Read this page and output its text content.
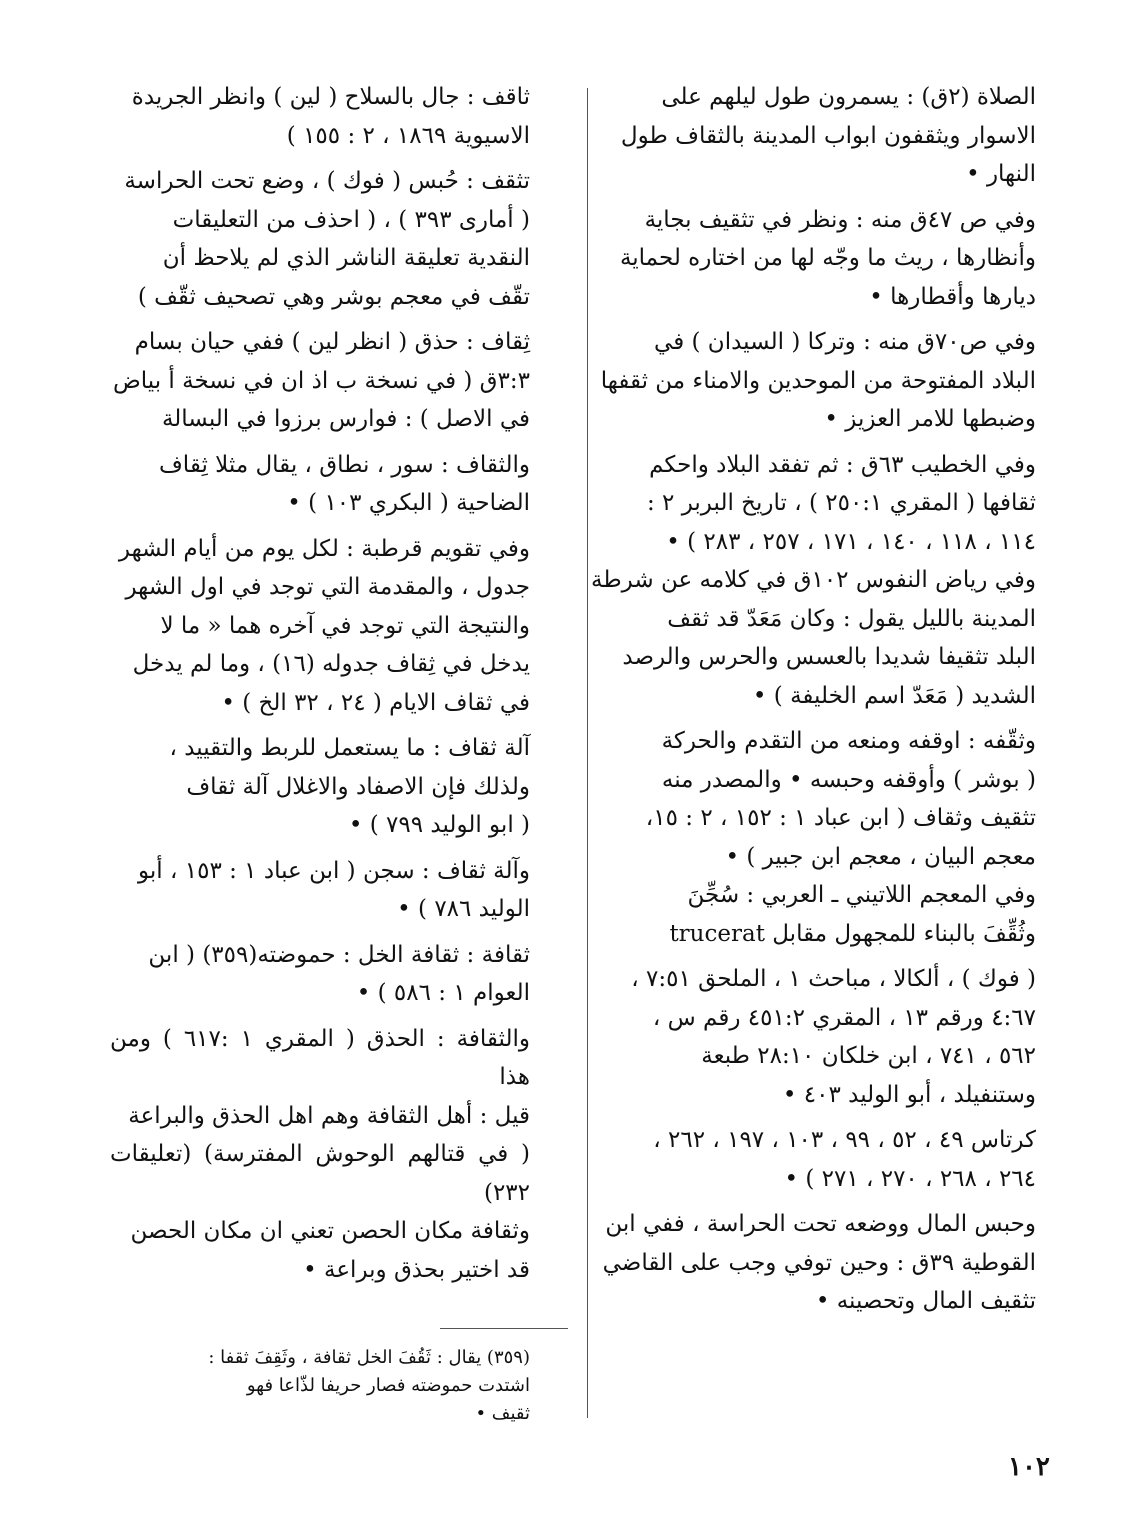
الصلاة (٢ق) : يسمرون طول ليلهم على
الاسوار ويثقفون ابواب المدينة بالثقاف طول
النهار •

وفي ص ٤٧ق منه : ونظر في تثقيف بجاية
وأنظارها ، ريث ما وجّه لها من اختاره لحماية
ديارها وأقطارها •

وفي ص٧٠ق منه : وتركا ( السيدان ) في
البلاد المفتوحة من الموحدين والامناء من ثقفها
وضبطها للامر العزيز •

وفي الخطيب ٦٣ق : ثم تفقد البلاد واحكم
ثقافها ( المقري ٢٥٠:١ ) ، تاريخ البربر ٢ :
١١٤ ، ١١٨ ، ١٤٠ ، ١٧١ ، ٢٥٧ ، ٢٨٣ ) •
وفي رياض النفوس ١٠٢ق في كلامه عن شرطة
المدينة بالليل يقول : وكان مَعَدّ قد ثقف
البلد تثقيفا شديدا بالعسس والحرس والرصد
الشديد ( مَعَدّ اسم الخليفة ) •

وثقّفه : اوقفه ومنعه من التقدم والحركة
( بوشر ) وأوقفه وحبسه • والمصدر منه
تثقيف وثقاف ( ابن عباد ١ : ١٥٢ ، ٢ : ١٥،
معجم البيان ، معجم ابن جبير ) •
وفي المعجم اللاتيني ـ العربي : سُجِّنَ
وثُقِّفَ بالبناء للمجهول مقابل trucerat

( فوك ) ، ألكالا ، مباحث ١ ، الملحق ٧:٥١ ،
٤:٦٧ ورقم ١٣ ، المقري ٤٥١:٢ رقم س ،
٥٦٢ ، ٧٤١ ، ابن خلكان ٢٨:١٠ طبعة
وستنفيلد ، أبو الوليد ٤٠٣ •

كرتاس ٤٩ ، ٥٢ ، ٩٩ ، ١٠٣ ، ١٩٧ ، ٢٦٢ ،
٢٦٤ ، ٢٦٨ ، ٢٧٠ ، ٢٧١ ) •

وحبس المال ووضعه تحت الحراسة ، ففي ابن
القوطية ٣٩ق : وحين توفي وجب على القاضي
تثقيف المال وتحصينه •

ثاقف : جال بالسلاح ( لين ) وانظر الجريدة
الاسيوية ١٨٦٩ ، ٢ : ١٥٥ )

تثقف : حُبس ( فوك ) ، وضع تحت الحراسة
( أماری ٣٩٣ ) ، ( احذف من التعليقات
النقدية تعليقة الناشر الذي لم يلاحظ أن
تقّف في معجم بوشر وهي تصحيف ثقّف )

ثِقاف : حذق ( انظر لين ) ففي حيان بسام
٣:٣ق ( في نسخة ب اذ ان في نسخة أ بياض
في الاصل ) : فوارس برزوا في البسالة

والثقاف : سور ، نطاق ، يقال مثلا ثِقاف
الضاحية ( البكري ١٠٣ ) •

وفي تقويم قرطبة : لكل يوم من أيام الشهر
جدول ، والمقدمة التي توجد في اول الشهر
والنتيجة التي توجد في آخره هما « ما لا
يدخل في ثِقاف جدوله (١٦) ، وما لم يدخل
في ثقاف الايام ( ٢٤ ، ٣٢ الخ ) •

آلة ثقاف : ما يستعمل للربط والتقييد ،
ولذلك فإن الاصفاد والاغلال آلة ثقاف
( ابو الوليد ٧٩٩ ) •

وآلة ثقاف : سجن ( ابن عباد ١ : ١٥٣ ، أبو
الوليد ٧٨٦ ) •

ثقافة : ثقافة الخل : حموضته(٣٥٩) ( ابن
العوام ١ : ٥٨٦ ) •

والثقافة : الحذق ( المقري ١ :٦١٧ ) ومن هذا
قيل : أهل الثقافة وهم اهل الحذق والبراعة
( في قتالهم الوحوش المفترسة) (تعليقات ٢٣٢)
وثقافة مكان الحصن تعني ان مكان الحصن
قد اختير بحذق وبراعة •

(٣٥٩) يقال : ثَقُفَ الخل ثقافة ، وثَقِفَ ثقفا :
اشتدت حموضته فصار حريفا لذّاعا فهو
ثقيف •
١٠٢
